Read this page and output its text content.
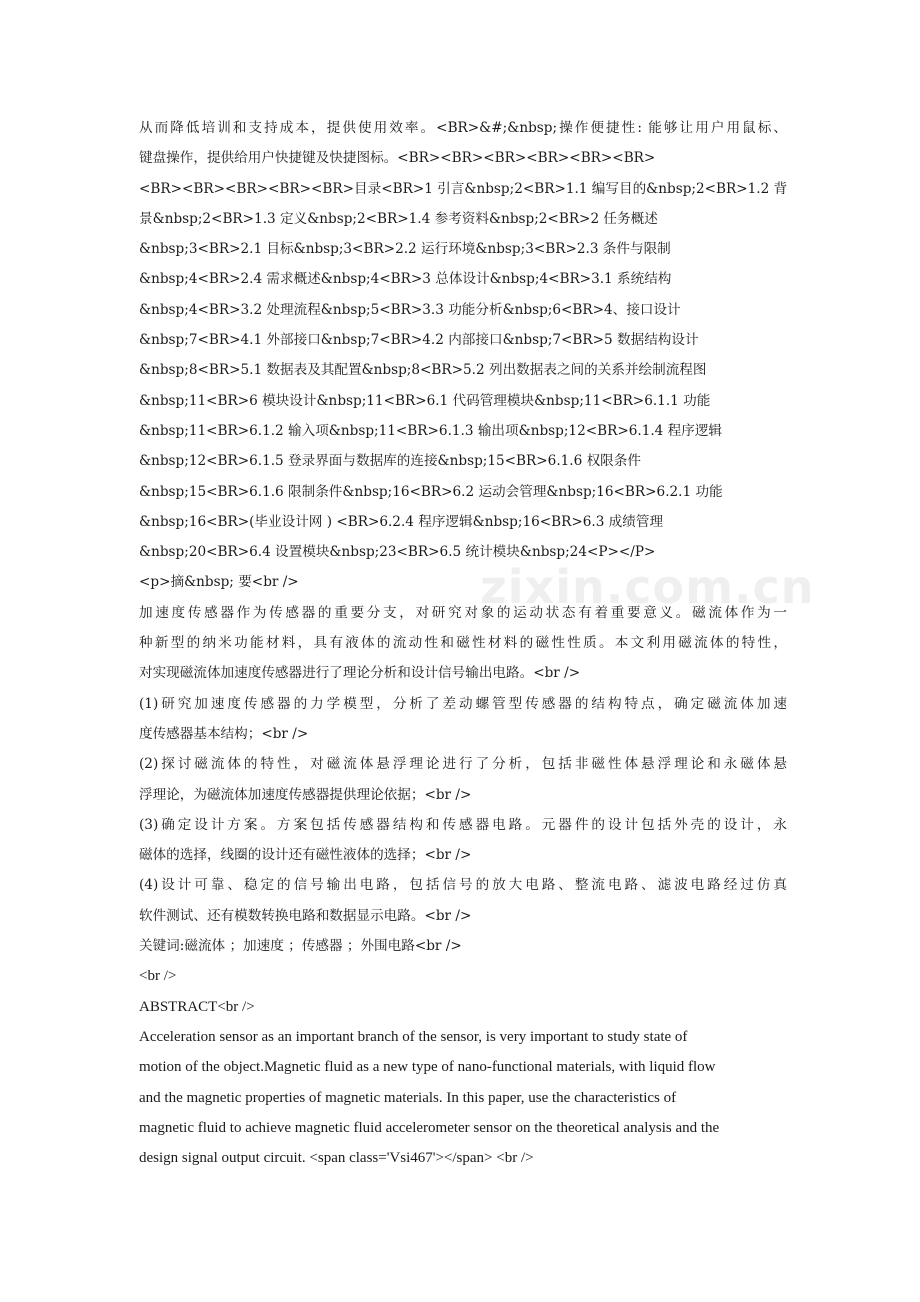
zixin.com.cn
从而降低培训和支持成本，提供使用效率。<BR>&#;&nbsp;操作便捷性: 能够让用户用鼠标、
键盘操作，提供给用户快捷键及快捷图标。<BR><BR><BR><BR><BR><BR>
<BR><BR><BR><BR><BR>目录<BR>1 引言&nbsp;2<BR>1.1 编写目的&nbsp;2<BR>1.2 背
景&nbsp;2<BR>1.3 定义&nbsp;2<BR>1.4 参考资料&nbsp;2<BR>2 任务概述
&nbsp;3<BR>2.1 目标&nbsp;3<BR>2.2 运行环境&nbsp;3<BR>2.3 条件与限制
&nbsp;4<BR>2.4 需求概述&nbsp;4<BR>3 总体设计&nbsp;4<BR>3.1 系统结构
&nbsp;4<BR>3.2 处理流程&nbsp;5<BR>3.3 功能分析&nbsp;6<BR>4、接口设计
&nbsp;7<BR>4.1 外部接口&nbsp;7<BR>4.2 内部接口&nbsp;7<BR>5 数据结构设计
&nbsp;8<BR>5.1 数据表及其配置&nbsp;8<BR>5.2 列出数据表之间的关系并绘制流程图
&nbsp;11<BR>6 模块设计&nbsp;11<BR>6.1 代码管理模块&nbsp;11<BR>6.1.1 功能
&nbsp;11<BR>6.1.2 输入项&nbsp;11<BR>6.1.3 输出项&nbsp;12<BR>6.1.4 程序逻辑
&nbsp;12<BR>6.1.5 登录界面与数据库的连接&nbsp;15<BR>6.1.6 权限条件
&nbsp;15<BR>6.1.6 限制条件&nbsp;16<BR>6.2 运动会管理&nbsp;16<BR>6.2.1 功能
&nbsp;16<BR>(毕业设计网 ) <BR>6.2.4 程序逻辑&nbsp;16<BR>6.3 成绩管理
&nbsp;20<BR>6.4 设置模块&nbsp;23<BR>6.5 统计模块&nbsp;24<P></P>
<p>摘&nbsp; 要<br />
加速度传感器作为传感器的重要分支，对研究对象的运动状态有着重要意义。磁流体作为一
种新型的纳米功能材料，具有液体的流动性和磁性材料的磁性性质。本文利用磁流体的特性，
对实现磁流体加速度传感器进行了理论分析和设计信号输出电路。<br />
(1)研究加速度传感器的力学模型，分析了差动螺管型传感器的结构特点，确定磁流体加速
度传感器基本结构；<br />
(2)探讨磁流体的特性，对磁流体悬浮理论进行了分析，包括非磁性体悬浮理论和永磁体悬
浮理论，为磁流体加速度传感器提供理论依据；<br />
(3)确定设计方案。方案包括传感器结构和传感器电路。元器件的设计包括外壳的设计，永
磁体的选择，线圈的设计还有磁性液体的选择；<br />
(4)设计可靠、稳定的信号输出电路，包括信号的放大电路、整流电路、滤波电路经过仿真
软件测试、还有模数转换电路和数据显示电路。<br />
关键词:磁流体 ；加速度 ；传感器 ；外围电路<br />
<br />
ABSTRACT<br />
Acceleration sensor as an important branch of the sensor, is very important to study state of
motion of the object.Magnetic fluid as a new type of nano-functional materials, with liquid flow
and the magnetic properties of magnetic materials. In this paper, use the characteristics of
magnetic fluid to achieve magnetic fluid accelerometer sensor on the theoretical analysis and the
design signal output circuit. <span class='Vsi467'></span> <br />
